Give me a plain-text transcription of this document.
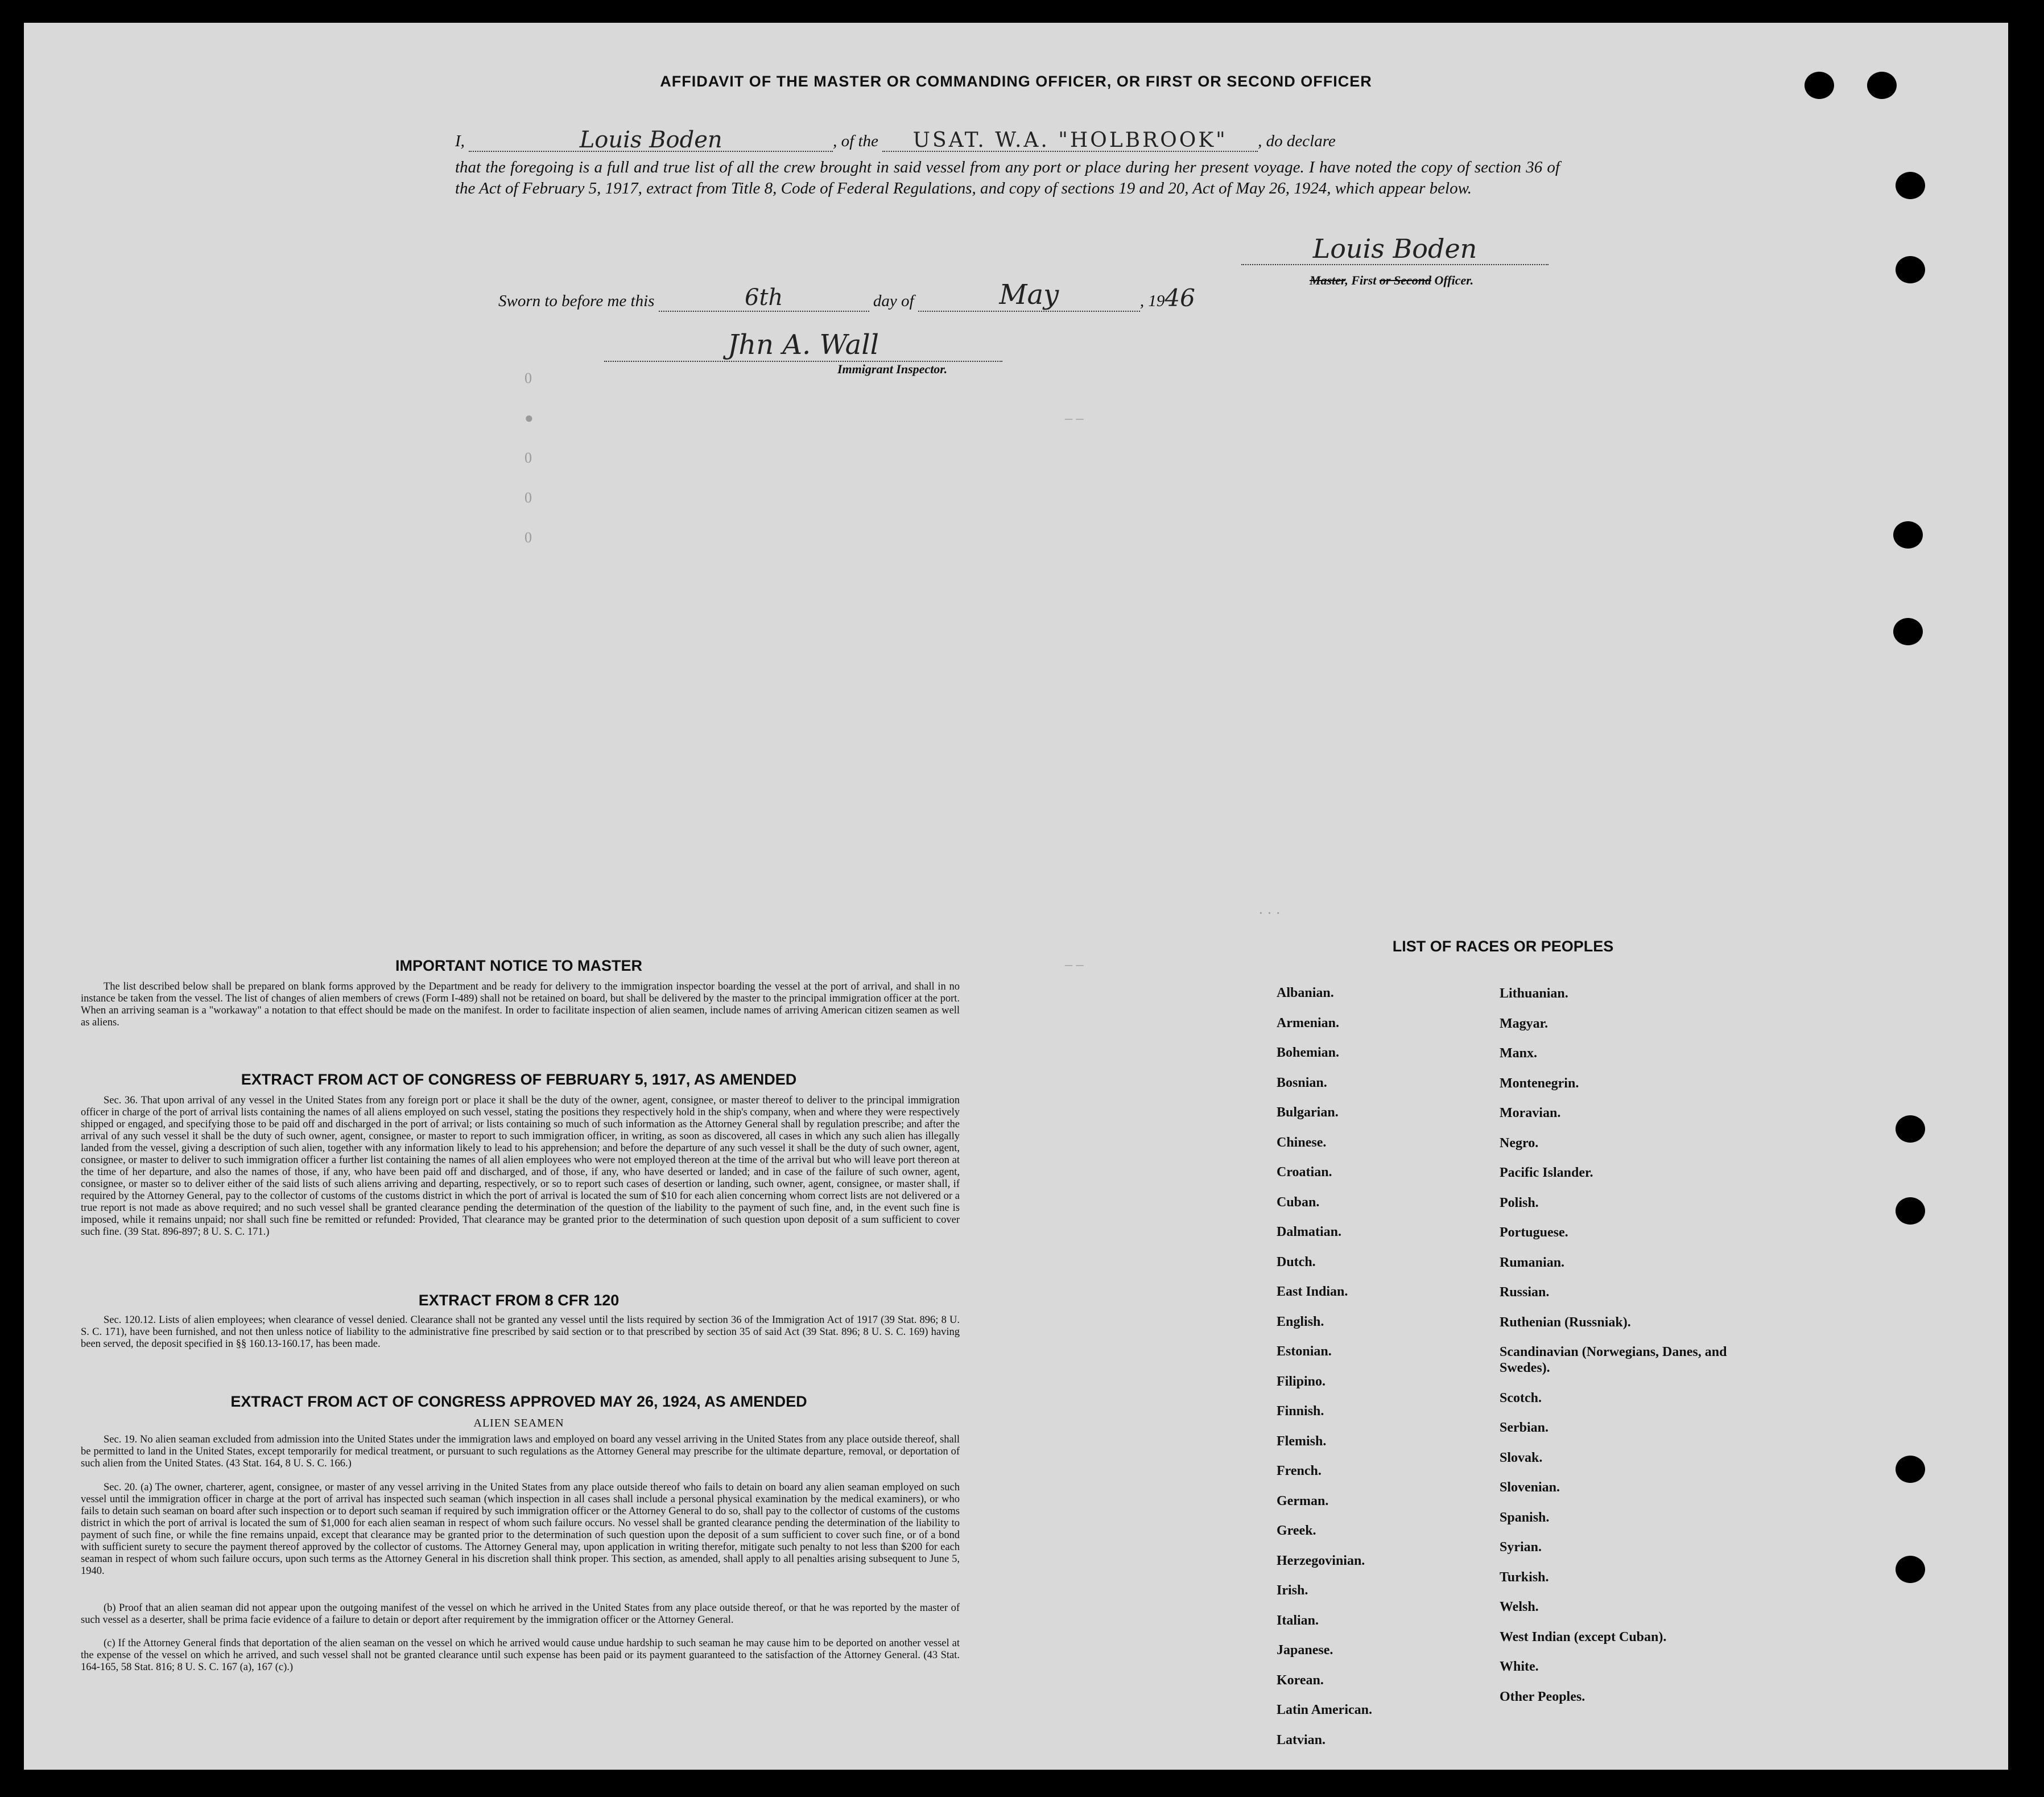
0
●
0
0
0
– –
– –
· · ·
AFFIDAVIT OF THE MASTER OR COMMANDING OFFICER, OR FIRST OR SECOND OFFICER
I,	Louis Boden	, of the USAT. W.A. "HOLBROOK" , do declare
that the foregoing is a full and true list of all the crew brought in said vessel from any port or place during her present voyage. I have noted the copy of section 36 of the Act of February 5, 1917, extract from Title 8, Code of Federal Regulations, and copy of sections 19 and 20, Act of May 26, 1924, which appear below.
Louis Boden
Master, First or Second Officer.
Sworn to before me this	6th	day of	May	, 1946
Jhn A. Wall
Immigrant Inspector.
IMPORTANT NOTICE TO MASTER
The list described below shall be prepared on blank forms approved by the Department and be ready for delivery to the immigration inspector boarding the vessel at the port of arrival, and shall in no instance be taken from the vessel. The list of changes of alien members of crews (Form I-489) shall not be retained on board, but shall be delivered by the master to the principal immigration officer at the port. When an arriving seaman is a "workaway" a notation to that effect should be made on the manifest. In order to facilitate inspection of alien seamen, include names of arriving American citizen seamen as well as aliens.
EXTRACT FROM ACT OF CONGRESS OF FEBRUARY 5, 1917, AS AMENDED
Sec. 36. That upon arrival of any vessel in the United States from any foreign port or place it shall be the duty of the owner, agent, consignee, or master thereof to deliver to the principal immigration officer in charge of the port of arrival lists containing the names of all aliens employed on such vessel, stating the positions they respectively hold in the ship's company, when and where they were respectively shipped or engaged, and specifying those to be paid off and discharged in the port of arrival; or lists containing so much of such information as the Attorney General shall by regulation prescribe; and after the arrival of any such vessel it shall be the duty of such owner, agent, consignee, or master to report to such immigration officer, in writing, as soon as discovered, all cases in which any such alien has illegally landed from the vessel, giving a description of such alien, together with any information likely to lead to his apprehension; and before the departure of any such vessel it shall be the duty of such owner, agent, consignee, or master to deliver to such immigration officer a further list containing the names of all alien employees who were not employed thereon at the time of the arrival but who will leave port thereon at the time of her departure, and also the names of those, if any, who have been paid off and discharged, and of those, if any, who have deserted or landed; and in case of the failure of such owner, agent, consignee, or master so to deliver either of the said lists of such aliens arriving and departing, respectively, or so to report such cases of desertion or landing, such owner, agent, consignee, or master shall, if required by the Attorney General, pay to the collector of customs of the customs district in which the port of arrival is located the sum of $10 for each alien concerning whom correct lists are not delivered or a true report is not made as above required; and no such vessel shall be granted clearance pending the determination of the question of the liability to the payment of such fine, and, in the event such fine is imposed, while it remains unpaid; nor shall such fine be remitted or refunded: Provided, That clearance may be granted prior to the determination of such question upon deposit of a sum sufficient to cover such fine. (39 Stat. 896-897; 8 U. S. C. 171.)
EXTRACT FROM 8 CFR 120
Sec. 120.12. Lists of alien employees; when clearance of vessel denied. Clearance shall not be granted any vessel until the lists required by section 36 of the Immigration Act of 1917 (39 Stat. 896; 8 U. S. C. 171), have been furnished, and not then unless notice of liability to the administrative fine prescribed by said section or to that prescribed by section 35 of said Act (39 Stat. 896; 8 U. S. C. 169) having been served, the deposit specified in §§ 160.13-160.17, has been made.
EXTRACT FROM ACT OF CONGRESS APPROVED MAY 26, 1924, AS AMENDED
ALIEN SEAMEN
Sec. 19. No alien seaman excluded from admission into the United States under the immigration laws and employed on board any vessel arriving in the United States from any place outside thereof, shall be permitted to land in the United States, except temporarily for medical treatment, or pursuant to such regulations as the Attorney General may prescribe for the ultimate departure, removal, or deportation of such alien from the United States. (43 Stat. 164, 8 U. S. C. 166.)
Sec. 20. (a) The owner, charterer, agent, consignee, or master of any vessel arriving in the United States from any place outside thereof who fails to detain on board any alien seaman employed on such vessel until the immigration officer in charge at the port of arrival has inspected such seaman (which inspection in all cases shall include a personal physical examination by the medical examiners), or who fails to detain such seaman on board after such inspection or to deport such seaman if required by such immigration officer or the Attorney General to do so, shall pay to the collector of customs of the customs district in which the port of arrival is located the sum of $1,000 for each alien seaman in respect of whom such failure occurs. No vessel shall be granted clearance pending the determination of the liability to payment of such fine, or while the fine remains unpaid, except that clearance may be granted prior to the determination of such question upon the deposit of a sum sufficient to cover such fine, or of a bond with sufficient surety to secure the payment thereof approved by the collector of customs. The Attorney General may, upon application in writing therefor, mitigate such penalty to not less than $200 for each seaman in respect of whom such failure occurs, upon such terms as the Attorney General in his discretion shall think proper. This section, as amended, shall apply to all penalties arising subsequent to June 5, 1940.
(b) Proof that an alien seaman did not appear upon the outgoing manifest of the vessel on which he arrived in the United States from any place outside thereof, or that he was reported by the master of such vessel as a deserter, shall be prima facie evidence of a failure to detain or deport after requirement by the immigration officer or the Attorney General.
(c) If the Attorney General finds that deportation of the alien seaman on the vessel on which he arrived would cause undue hardship to such seaman he may cause him to be deported on another vessel at the expense of the vessel on which he arrived, and such vessel shall not be granted clearance until such expense has been paid or its payment guaranteed to the satisfaction of the Attorney General. (43 Stat. 164-165, 58 Stat. 816; 8 U. S. C. 167 (a), 167 (c).)
LIST OF RACES OR PEOPLES
Albanian.
Armenian.
Bohemian.
Bosnian.
Bulgarian.
Chinese.
Croatian.
Cuban.
Dalmatian.
Dutch.
East Indian.
English.
Estonian.
Filipino.
Finnish.
Flemish.
French.
German.
Greek.
Herzegovinian.
Irish.
Italian.
Japanese.
Korean.
Latin American.
Latvian.
Lithuanian.
Magyar.
Manx.
Montenegrin.
Moravian.
Negro.
Pacific Islander.
Polish.
Portuguese.
Rumanian.
Russian.
Ruthenian (Russniak).
Scandinavian (Norwegians, Danes, and Swedes).
Scotch.
Serbian.
Slovak.
Slovenian.
Spanish.
Syrian.
Turkish.
Welsh.
West Indian (except Cuban).
White.
Other Peoples.
